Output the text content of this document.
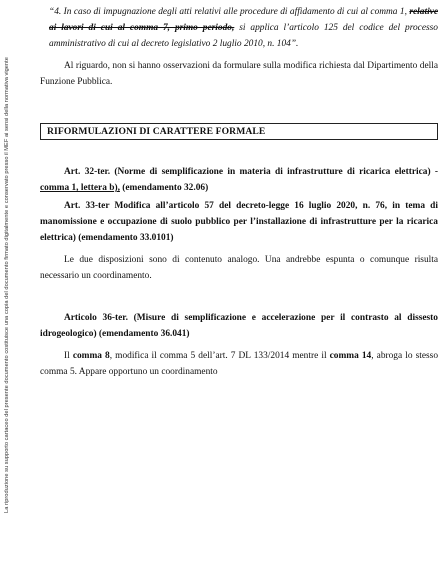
La riproduzione su supporto cartaceo del presente documento costituisce una copia del documento firmato digitalmente e conservato presso il MEF ai sensi della normativa vigente

“4. In caso di impugnazione degli atti relativi alle procedure di affidamento di cui al comma 1, relative ai lavori di cui al comma 7, primo periodo, si applica l’articolo 125 del codice del processo amministrativo di cui al decreto legislativo 2 luglio 2010, n. 104”.

Al riguardo, non si hanno osservazioni da formulare sulla modifica richiesta dal Dipartimento della Funzione Pubblica.

RIFORMULAZIONI DI CARATTERE FORMALE

Art. 32-ter. (Norme di semplificazione in materia di infrastrutture di ricarica elettrica) - comma 1, lettera b), (emendamento 32.06)

Art. 33-ter Modifica all’articolo 57 del decreto-legge 16 luglio 2020, n. 76, in tema di manomissione e occupazione di suolo pubblico per l’installazione di infrastrutture per la ricarica elettrica) (emendamento 33.0101)

Le due disposizioni sono di contenuto analogo. Una andrebbe espunta o comunque risulta necessario un coordinamento.

Articolo 36-ter. (Misure di semplificazione e accelerazione per il contrasto al dissesto idrogeologico) (emendamento 36.041)

Il comma 8, modifica il comma 5 dell’art. 7 DL 133/2014 mentre il comma 14, abroga lo stesso comma 5. Appare opportuno un coordinamento
